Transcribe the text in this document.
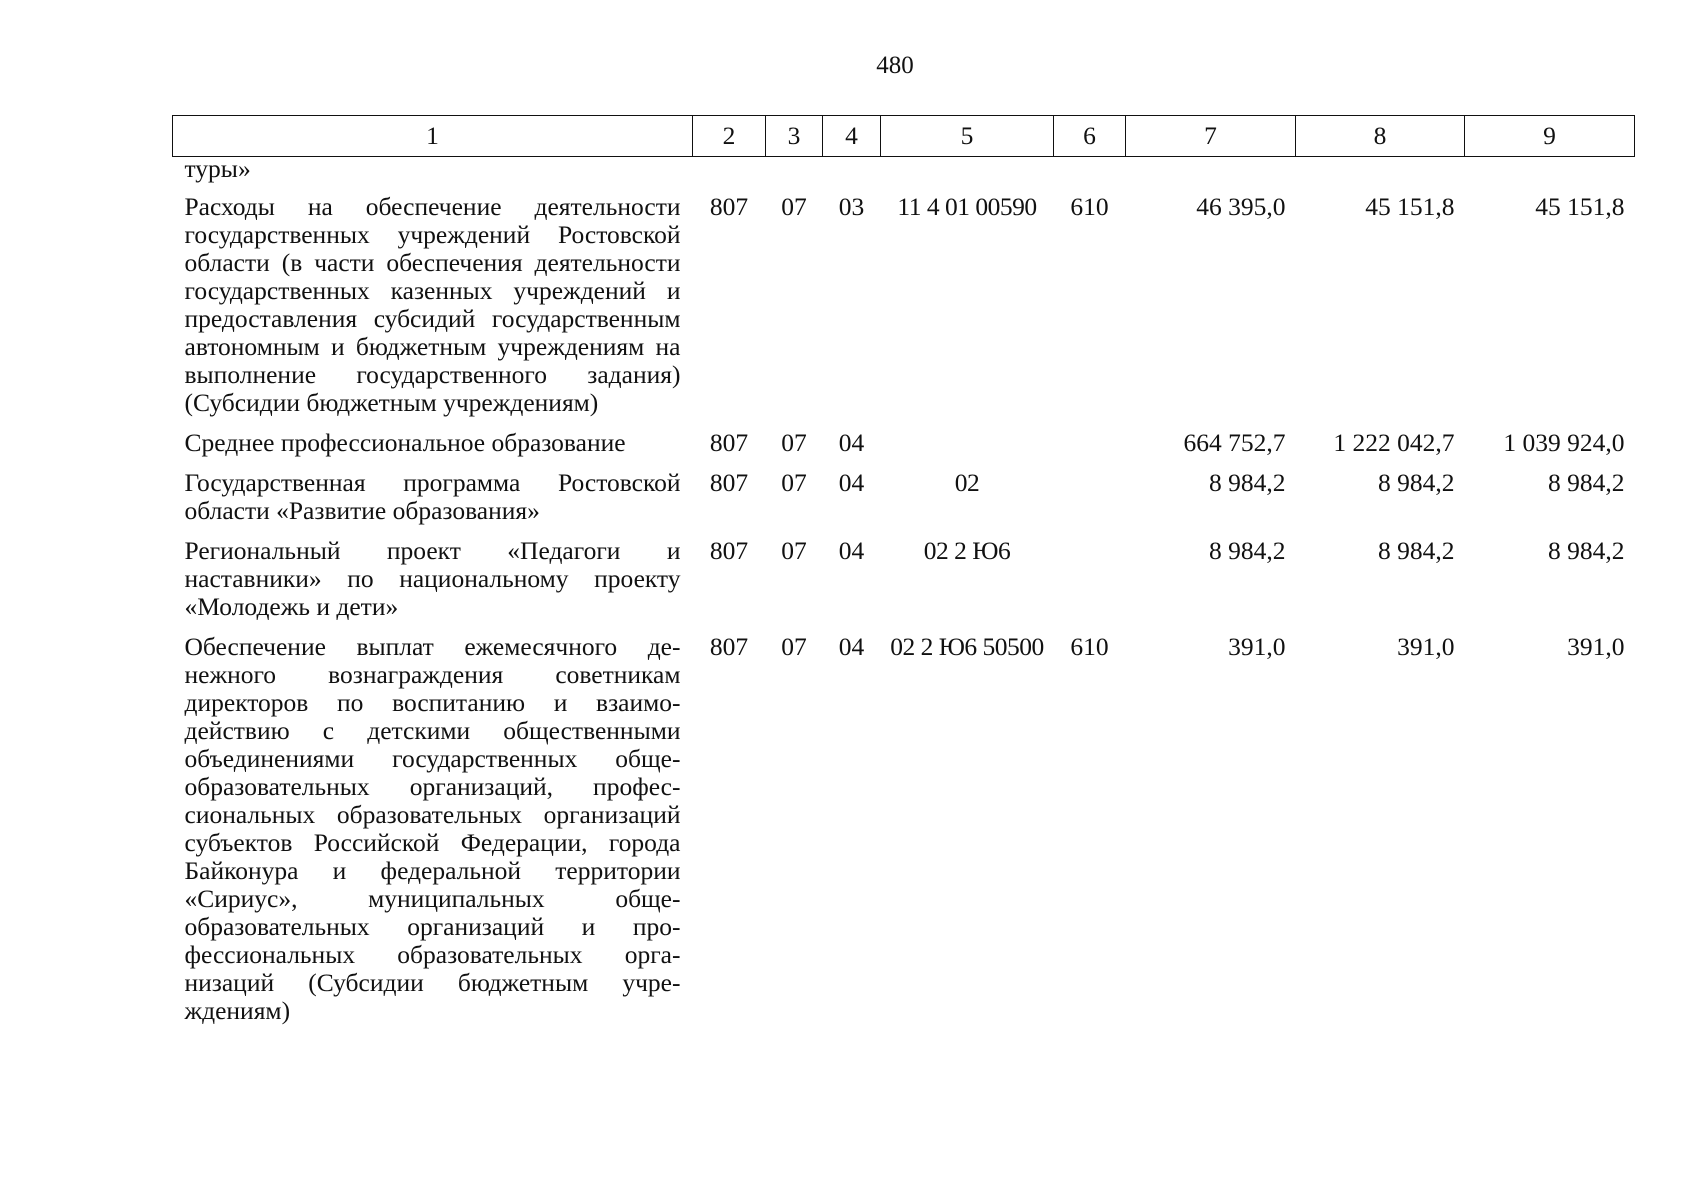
480
1	2	3	4	5	6	7	8	9
туры»								
Расходы на обеспечение деятельности государственных учреждений Ростовской области (в части обеспечения деятельности государственных казенных учреждений и предоставления субсидий государственным автономным и бюджетным учреждениям на выполнение государственного задания) (Субсидии бюджетным учреждениям)	807	07	03	11 4 01 00590	610	46 395,0	45 151,8	45 151,8
Среднее профессиональное образование	807	07	04			664 752,7	1 222 042,7	1 039 924,0
Государственная программа Ростовской области «Развитие образования»	807	07	04	02		8 984,2	8 984,2	8 984,2
Региональный проект «Педагоги и наставники» по национальному проекту «Молодежь и дети»	807	07	04	02 2 Ю6		8 984,2	8 984,2	8 984,2
Обеспечение выплат ежемесячного денежного вознаграждения советникам директоров по воспитанию и взаимодействию с детскими общественными объединениями государственных общеобразовательных организаций, профессиональных образовательных организаций субъектов Российской Федерации, города Байконура и федеральной территории «Сириус», муниципальных общеобразовательных организаций и профессиональных образовательных организаций (Субсидии бюджетным учреждениям)	807	07	04	02 2 Ю6 50500	610	391,0	391,0	391,0
